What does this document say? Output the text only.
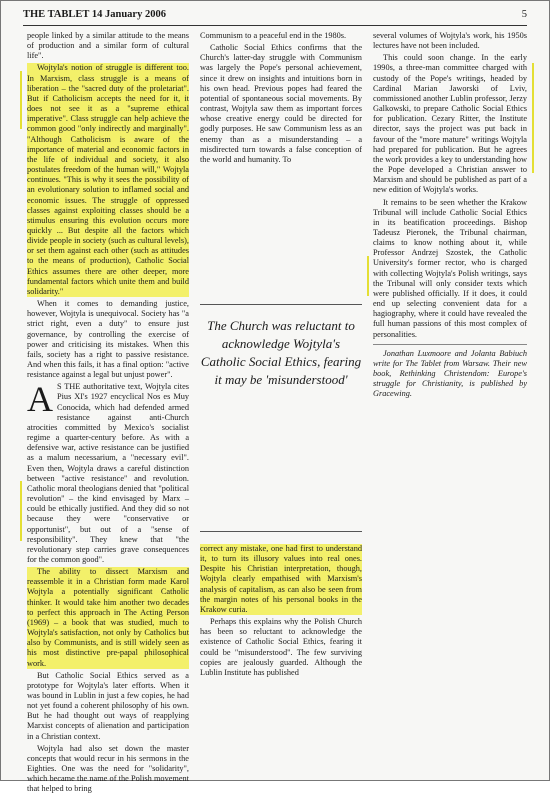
THE TABLET 14 January 2006	5

people linked by a similar attitude to the means of production and a similar form of cultural life".

Wojtyla's notion of struggle is different too. In Marxism, class struggle is a means of liberation – the "sacred duty of the proletariat". But if Catholicism accepts the need for it, it does not see it as a "supreme ethical imperative". Class struggle can help achieve the common good "only indirectly and marginally". "Although Catholicism is aware of the importance of material and economic factors in the life of individual and society, it also postulates freedom of the human will," Wojtyla continues. "This is why it sees the possibility of an evolutionary solution to inflamed social and economic issues. The struggle of oppressed classes against exploiting classes should be a stimulus ensuring this evolution occurs more quickly ... But despite all the factors which divide people in society (such as cultural levels), or set them against each other (such as attitudes to the means of production), Catholic Social Ethics assumes there are other deeper, more fundamental factors which unite them and build solidarity."

When it comes to demanding justice, however, Wojtyla is unequivocal. Society has "a strict right, even a duty" to ensure just governance, by controlling the exercise of power and criticising its mistakes. When this fails, society has a right to passive resistance. And when this fails, it has a final option: "active resistance against a legal but unjust power".

A S THE authoritative text, Wojtyla cites Pius XI's 1927 encyclical Nos es Muy Conocida, which had defended armed resistance against anti-Church atrocities committed by Mexico's socialist regime a quarter-century before. As with a defensive war, active resistance can be justified as a malum necessarium, a "necessary evil". Even then, Wojtyla draws a careful distinction between "active resistance" and revolution. Catholic moral theologians denied that "political revolution" – the kind envisaged by Marx – could be ethically justified. And they did so not because they were "conservative or opportunist", but out of a "sense of responsibility". They knew that "the revolutionary step carries grave consequences for the common good".

The ability to dissect Marxism and reassemble it in a Christian form made Karol Wojtyla a potentially significant Catholic thinker. It would take him another two decades to perfect this approach in The Acting Person (1969) – a book that was studied, much to Wojtyla's satisfaction, not only by Catholics but also by Communists, and is still widely seen as his most distinctive pre-papal philosophical work.

But Catholic Social Ethics served as a prototype for Wojtyla's later efforts. When it was bound in Lublin in just a few copies, he had not yet found a coherent philosophy of his own. But he had thought out ways of reapplying Marxist concepts of alienation and participation in a Christian context.

Wojtyla had also set down the master concepts that would recur in his sermons in the Eighties. One was the need for "solidarity", which became the name of the Polish movement that helped to bring

Communism to a peaceful end in the 1980s.

Catholic Social Ethics confirms that the Church's latter-day struggle with Communism was largely the Pope's personal achievement, since it drew on insights and intuitions born in his own head. Previous popes had feared the potential of spontaneous social movements. By contrast, Wojtyla saw them as important forces whose creative energy could be directed for godly purposes. He saw Communism less as an enemy than as a misunderstanding – a misdirected turn towards a false conception of the world and humanity. To

The Church was reluctant to acknowledge Wojtyla's Catholic Social Ethics, fearing it may be 'misunderstood'

correct any mistake, one had first to understand it, to turn its illusory values into real ones. Despite his Christian interpretation, though, Wojtyla clearly empathised with Marxism's analysis of capitalism, as can also be seen from the margin notes of his personal books in the Krakow curia.

Perhaps this explains why the Polish Church has been so reluctant to acknowledge the existence of Catholic Social Ethics, fearing it could be "misunderstood". The few surviving copies are jealously guarded. Although the Lublin Institute has published

several volumes of Wojtyla's work, his 1950s lectures have not been included.

This could soon change. In the early 1990s, a three-man committee charged with custody of the Pope's writings, headed by Cardinal Marian Jaworski of Lviv, commissioned another Lublin professor, Jerzy Galkowski, to prepare Catholic Social Ethics for publication. Cezary Ritter, the Institute director, says the project was put back in favour of the "more mature" writings Wojtyla had prepared for publication. But he agrees the work provides a key to understanding how the Pope developed a Christian answer to Marxism and should be published as part of a new edition of Wojtyla's works.

It remains to be seen whether the Krakow Tribunal will include Catholic Social Ethics in its beatification proceedings. Bishop Tadeusz Pieronek, the Tribunal chairman, claims to know nothing about it, while Professor Andrzej Szostek, the Catholic University's former rector, who is charged with collecting Wojtyla's Polish writings, says the Tribunal will only consider texts which were published officially. If it does, it could end up selecting convenient data for a hagiography, where it could have revealed the full human passions of this most complex of personalities.

Jonathan Luxmoore and Jolanta Babiuch write for The Tablet from Warsaw. Their new book, Rethinking Christendom: Europe's struggle for Christianity, is published by Gracewing.
